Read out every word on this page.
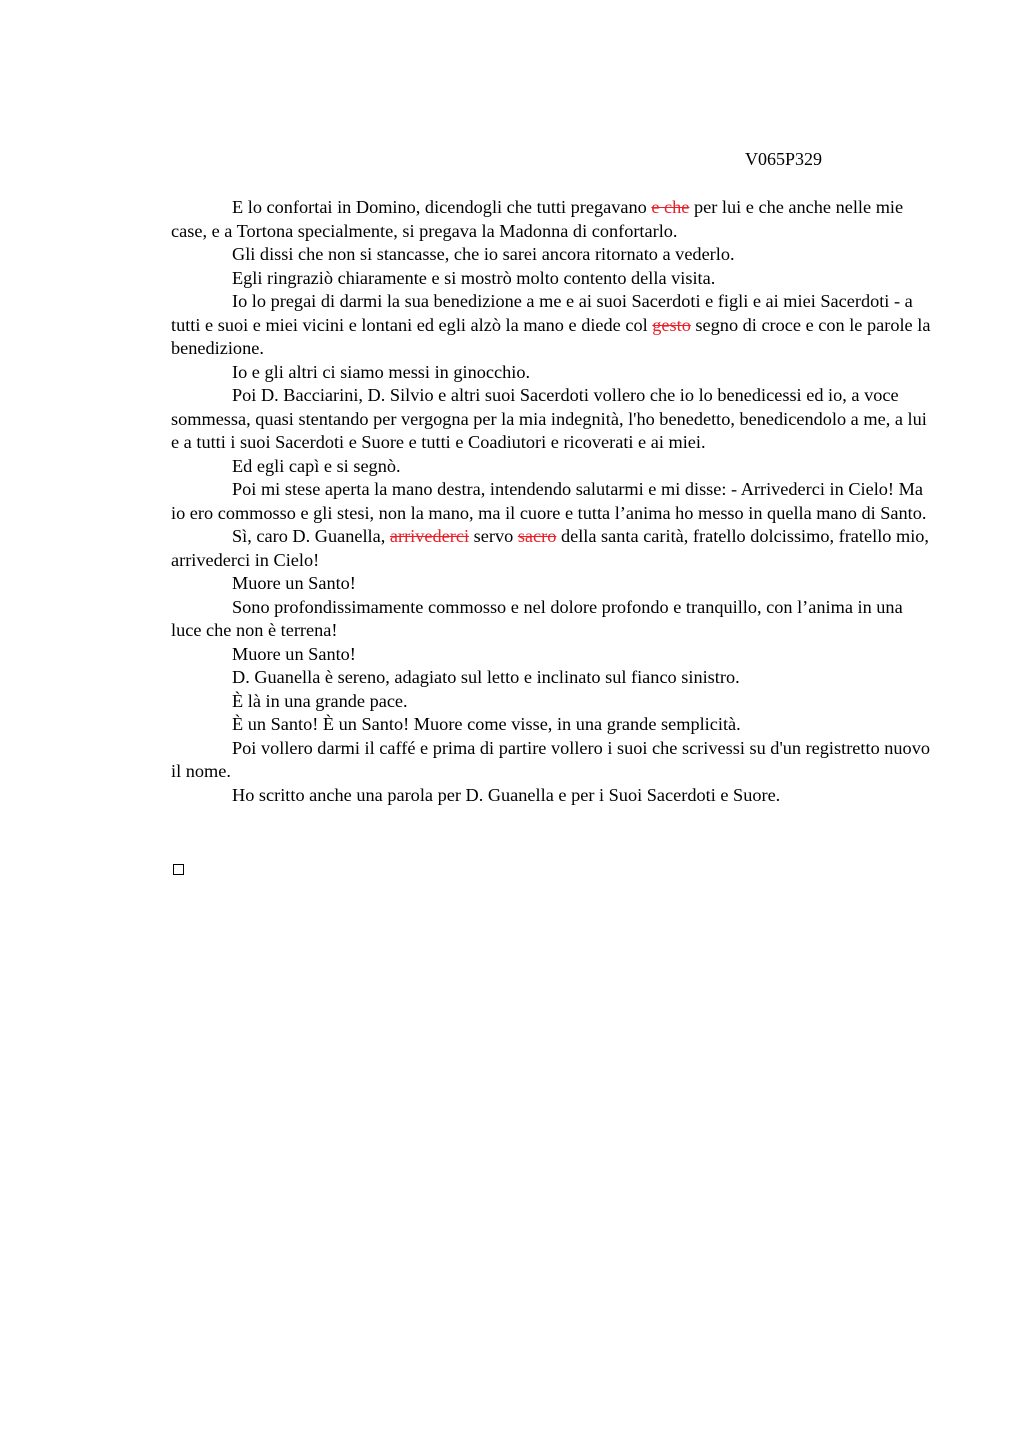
V065P329

E lo confortai in Domino, dicendogli che tutti pregavano e che per lui e che anche nelle mie case, e a Tortona specialmente, si pregava la Madonna di confortarlo.

Gli dissi che non si stancasse, che io sarei ancora ritornato a vederlo.

Egli ringraziò chiaramente e si mostrò molto contento della visita.

Io lo pregai di darmi la sua benedizione a me e ai suoi Sacerdoti e figli e ai miei Sacerdoti - a tutti e suoi e miei vicini e lontani ed egli alzò la mano e diede col gesto segno di croce e con le parole la benedizione.

Io e gli altri ci siamo messi in ginocchio.

Poi D. Bacciarini, D. Silvio e altri suoi Sacerdoti vollero che io lo benedicessi ed io, a voce sommessa, quasi stentando per vergogna per la mia indegnità, l'ho benedetto, benedicendolo a me, a lui e a tutti i suoi Sacerdoti e Suore e tutti e Coadiutori e ricoverati e ai miei.

Ed egli capì e si segnò.

Poi mi stese aperta la mano destra, intendendo salutarmi e mi disse: - Arrivederci in Cielo! Ma io ero commosso e gli stesi, non la mano, ma il cuore e tutta l’anima ho messo in quella mano di Santo.

Sì, caro D. Guanella, arrivederci servo sacro della santa carità, fratello dolcissimo, fratello mio, arrivederci in Cielo!

Muore un Santo!

Sono profondissimamente commosso e nel dolore profondo e tranquillo, con l’anima in una luce che non è terrena!

Muore un Santo!

D. Guanella è sereno, adagiato sul letto e inclinato sul fianco sinistro.

È là in una grande pace.

È un Santo! È un Santo! Muore come visse, in una grande semplicità.

Poi vollero darmi il caffé e prima di partire vollero i suoi che scrivessi su d'un registretto nuovo il nome.

Ho scritto anche una parola per D. Guanella e per i Suoi Sacerdoti e Suore.
